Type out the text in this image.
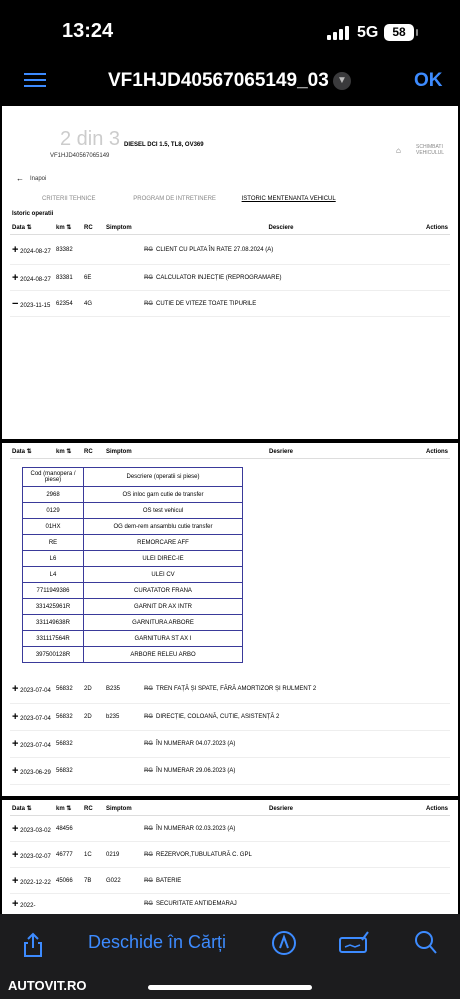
13:24	5G	58
VF1HJD40567065149_03 ▼	OK
2 din 3 DIESEL DCI 1.5, TL8, OV369
VF1HJD40567065149
⌂	SCHIMBATI VEHICULUL
← Inapoi
CRITERII TEHNICE	PROGRAM DE INTRETINERE	ISTORIC MENTENANTA VEHICUL
Istoric operatii
Data ⇅	km ⇅	RC	Simptom	Desciere	Actions
+ 2024-08-27	83382			RG CLIENT CU PLATA ÎN RATE 27.08.2024 (A)	
+ 2024-08-27	83381	6E		RG CALCULATOR INJECȚIE (REPROGRAMARE)	
− 2023-11-15	62354	4G		RG CUTIE DE VITEZE TOATE TIPURILE	
Data ⇅	km ⇅	RC	Simptom	Desriere	Actions
Cod (manopera / piese)	Descriere (operatii si piese)
2968	OS inloc garn cutie de transfer
0129	OS test vehicul
01HX	OG dem-rem ansamblu cutie transfer
RE	REMORCARE AFF
L6	ULEI DIREC-IE
L4	ULEI CV
7711949386	CURATATOR FRANA
331425961R	GARNIT DR AX INTR
331149638R	GARNITURA ARBORE
331117564R	GARNITURA ST AX I
397500128R	ARBORE RELEU ARBO
+ 2023-07-04	56832	2D	B235	RG TREN FAȚĂ ȘI SPATE, FĂRĂ AMORTIZOR ȘI RULMENT 2	
+ 2023-07-04	56832	2D	b235	RG DIRECȚIE, COLOANĂ, CUTIE, ASISTENȚĂ 2	
+ 2023-07-04	56832			RG ÎN NUMERAR 04.07.2023 (A)	
+ 2023-06-29	56832			RG ÎN NUMERAR 29.06.2023 (A)	
Data ⇅	km ⇅	RC	Simptom	Desriere	Actions
+ 2023-03-02	48456			RG ÎN NUMERAR 02.03.2023 (A)	
+ 2023-02-07	46777	1C	0219	RG REZERVOR,TUBULATURĂ C. GPL	
+ 2022-12-22	45066	7B	G022	RG BATERIE	
+ 2022-				RG SECURITATE ANTIDEMARAJ	
Deschide în Cărți
AUTOVIT.RO
